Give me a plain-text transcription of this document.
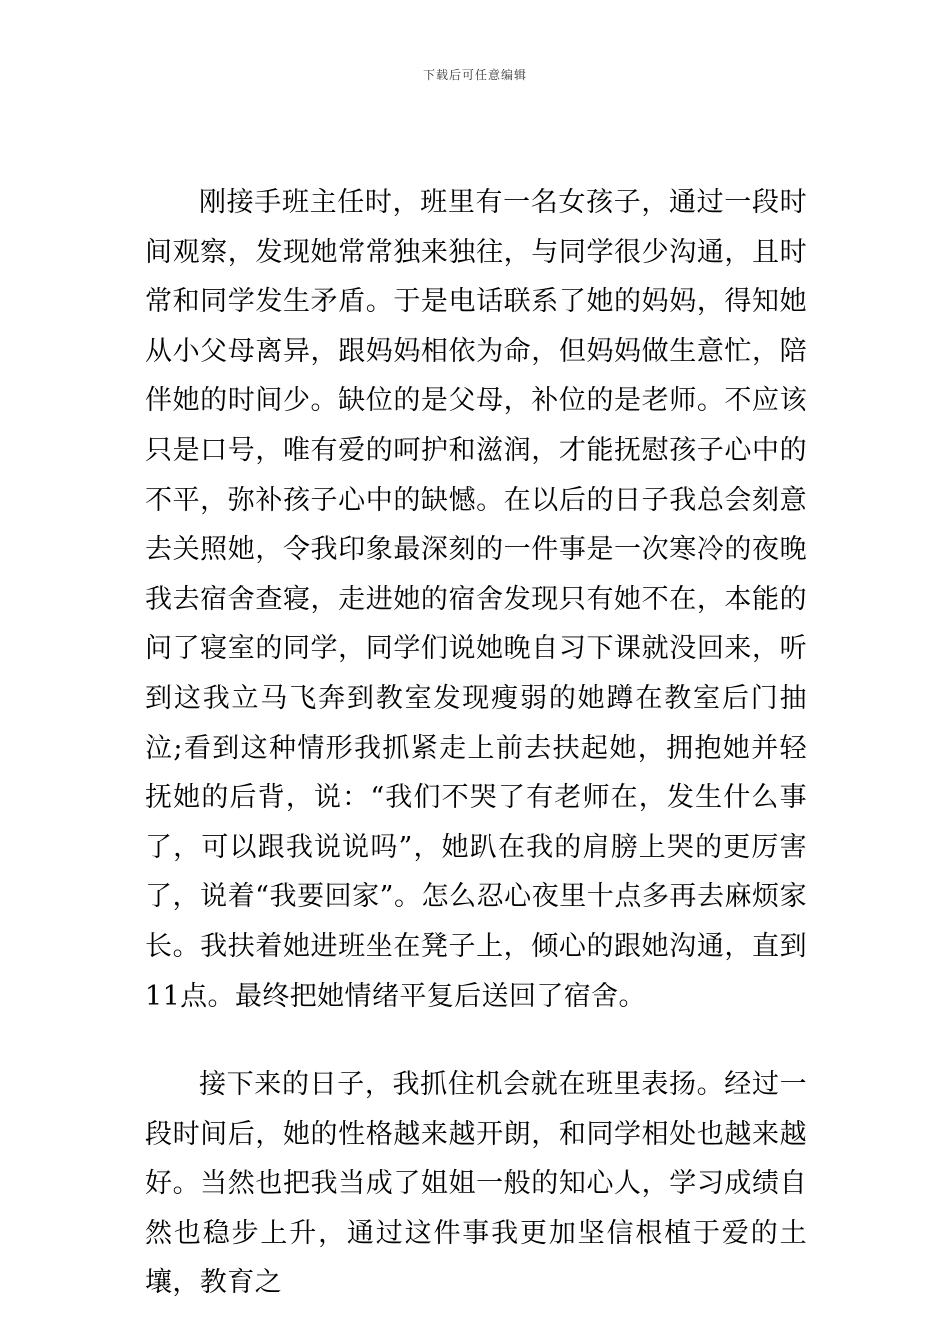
下载后可任意编辑

刚接手班主任时，班里有一名女孩子，通过一段时间观察，发现她常常独来独往，与同学很少沟通，且时常和同学发生矛盾。于是电话联系了她的妈妈，得知她从小父母离异，跟妈妈相依为命，但妈妈做生意忙，陪伴她的时间少。缺位的是父母，补位的是老师。不应该只是口号，唯有爱的呵护和滋润，才能抚慰孩子心中的不平，弥补孩子心中的缺憾。在以后的日子我总会刻意去关照她，令我印象最深刻的一件事是一次寒冷的夜晚我去宿舍查寝，走进她的宿舍发现只有她不在，本能的问了寝室的同学，同学们说她晚自习下课就没回来，听到这我立马飞奔到教室发现瘦弱的她蹲在教室后门抽泣;看到这种情形我抓紧走上前去扶起她，拥抱她并轻抚她的后背，说：“我们不哭了有老师在，发生什么事了，可以跟我说说吗”，她趴在我的肩膀上哭的更厉害了，说着“我要回家”。怎么忍心夜里十点多再去麻烦家长。我扶着她进班坐在凳子上，倾心的跟她沟通，直到11点。最终把她情绪平复后送回了宿舍。

接下来的日子，我抓住机会就在班里表扬。经过一段时间后，她的性格越来越开朗，和同学相处也越来越好。当然也把我当成了姐姐一般的知心人，学习成绩自然也稳步上升，通过这件事我更加坚信根植于爱的土壤，教育之
